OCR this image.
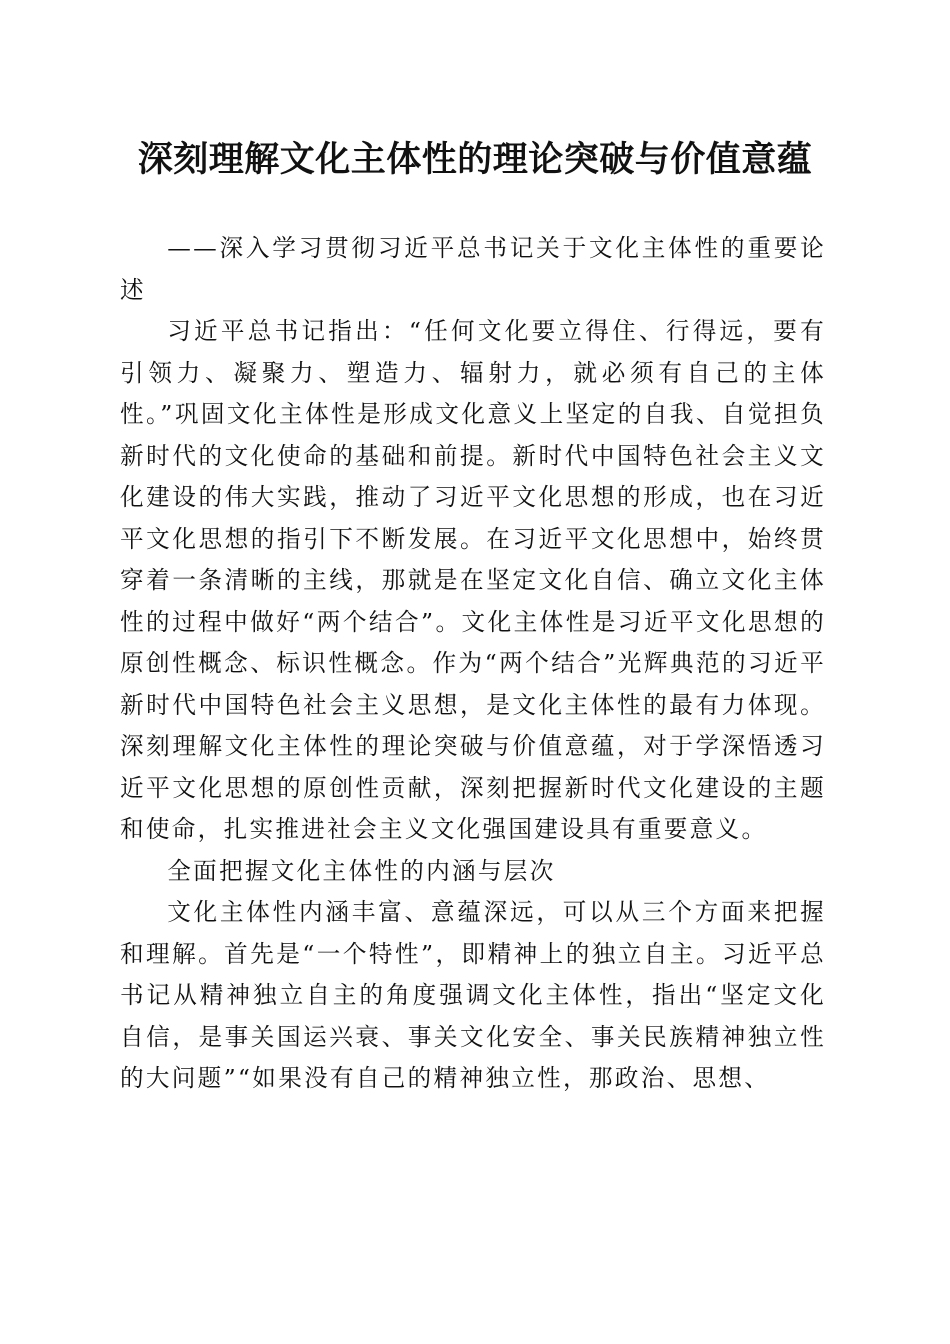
深刻理解文化主体性的理论突破与价值意蕴

——深入学习贯彻习近平总书记关于文化主体性的重要论述

习近平总书记指出：“任何文化要立得住、行得远，要有引领力、凝聚力、塑造力、辐射力，就必须有自己的主体性。”巩固文化主体性是形成文化意义上坚定的自我、自觉担负新时代的文化使命的基础和前提。新时代中国特色社会主义文化建设的伟大实践，推动了习近平文化思想的形成，也在习近平文化思想的指引下不断发展。在习近平文化思想中，始终贯穿着一条清晰的主线，那就是在坚定文化自信、确立文化主体性的过程中做好“两个结合”。文化主体性是习近平文化思想的原创性概念、标识性概念。作为“两个结合”光辉典范的习近平新时代中国特色社会主义思想，是文化主体性的最有力体现。深刻理解文化主体性的理论突破与价值意蕴，对于学深悟透习近平文化思想的原创性贡献，深刻把握新时代文化建设的主题和使命，扎实推进社会主义文化强国建设具有重要意义。

全面把握文化主体性的内涵与层次

文化主体性内涵丰富、意蕴深远，可以从三个方面来把握和理解。首先是“一个特性”，即精神上的独立自主。习近平总书记从精神独立自主的角度强调文化主体性，指出“坚定文化自信，是事关国运兴衰、事关文化安全、事关民族精神独立性的大问题”“如果没有自己的精神独立性，那政治、思想、
